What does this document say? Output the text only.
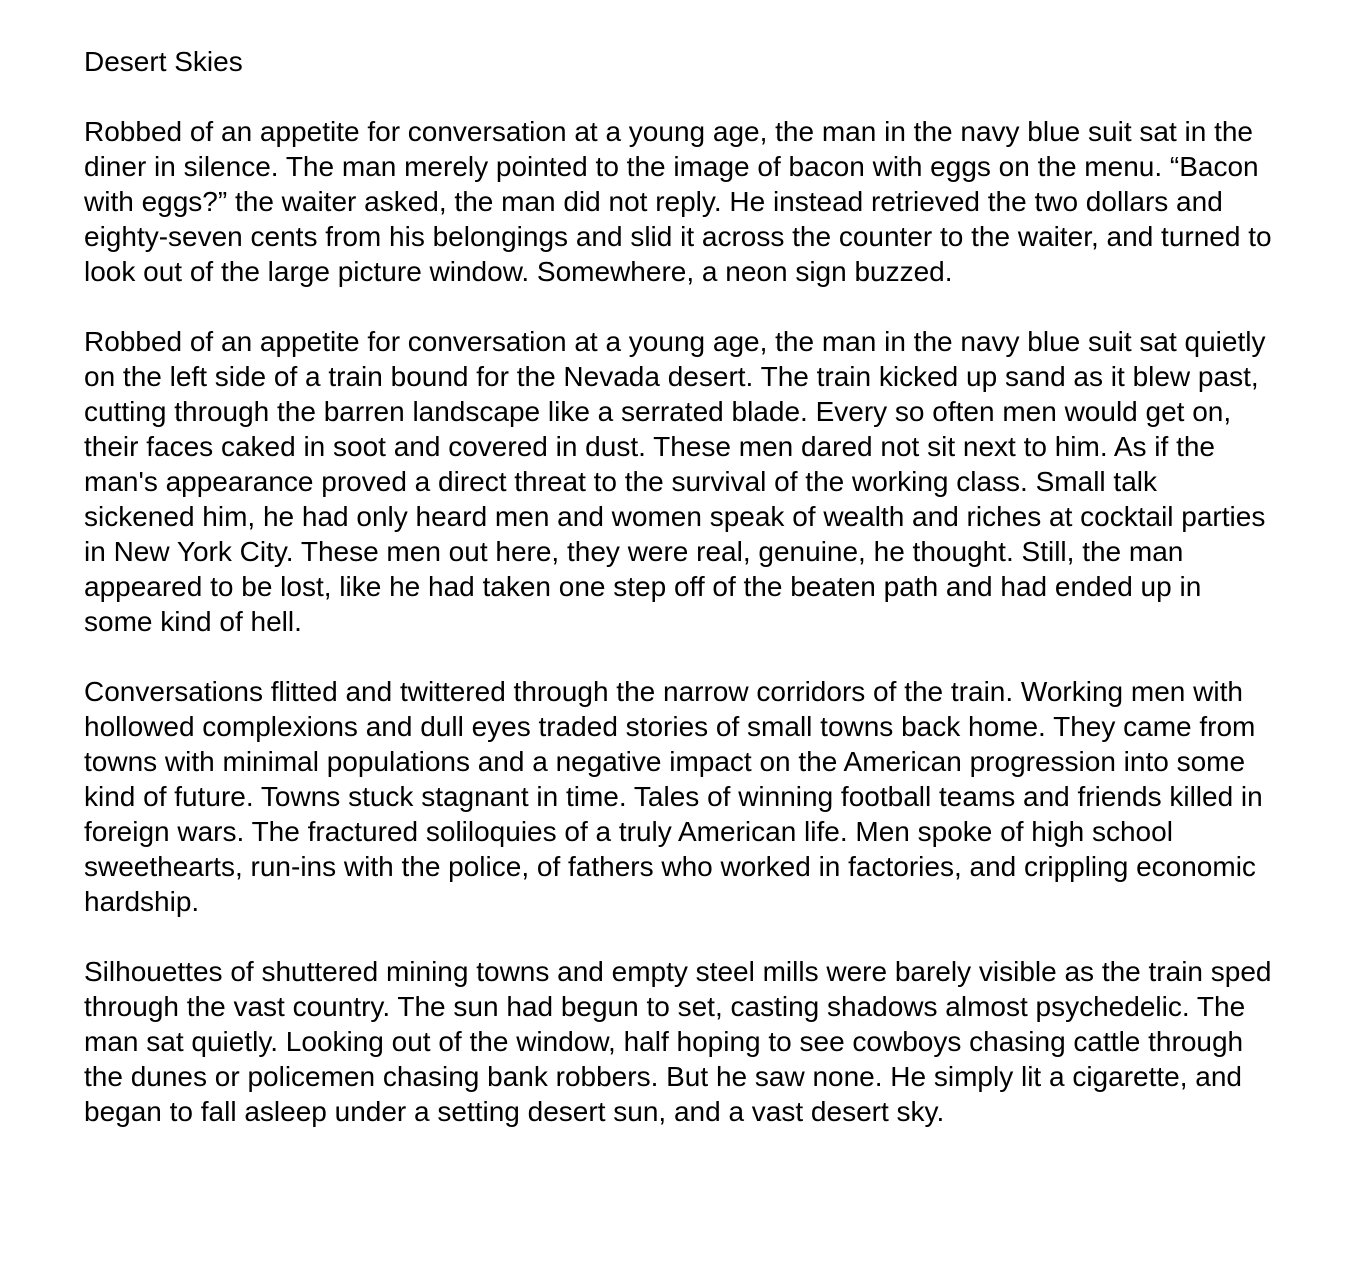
Desert Skies

Robbed of an appetite for conversation at a young age, the man in the navy blue suit sat in the diner in silence. The man merely pointed to the image of bacon with eggs on the menu. “Bacon with eggs?” the waiter asked, the man did not reply. He instead retrieved the two dollars and eighty-seven cents from his belongings and slid it across the counter to the waiter, and turned to look out of the large picture window. Somewhere, a neon sign buzzed.

Robbed of an appetite for conversation at a young age, the man in the navy blue suit sat quietly on the left side of a train bound for the Nevada desert. The train kicked up sand as it blew past, cutting through the barren landscape like a serrated blade. Every so often men would get on, their faces caked in soot and covered in dust. These men dared not sit next to him. As if the man's appearance proved a direct threat to the survival of the working class. Small talk sickened him, he had only heard men and women speak of wealth and riches at cocktail parties in New York City. These men out here, they were real, genuine, he thought. Still, the man appeared to be lost, like he had taken one step off of the beaten path and had ended up in some kind of hell.

Conversations flitted and twittered through the narrow corridors of the train. Working men with hollowed complexions and dull eyes traded stories of small towns back home. They came from towns with minimal populations and a negative impact on the American progression into some kind of future. Towns stuck stagnant in time. Tales of winning football teams and friends killed in foreign wars. The fractured soliloquies of a truly American life. Men spoke of high school sweethearts, run-ins with the police, of fathers who worked in factories, and crippling economic hardship.

Silhouettes of shuttered mining towns and empty steel mills were barely visible as the train sped through the vast country. The sun had begun to set, casting shadows almost psychedelic. The man sat quietly. Looking out of the window, half hoping to see cowboys chasing cattle through the dunes or policemen chasing bank robbers. But he saw none. He simply lit a cigarette, and began to fall asleep under a setting desert sun, and a vast desert sky.
